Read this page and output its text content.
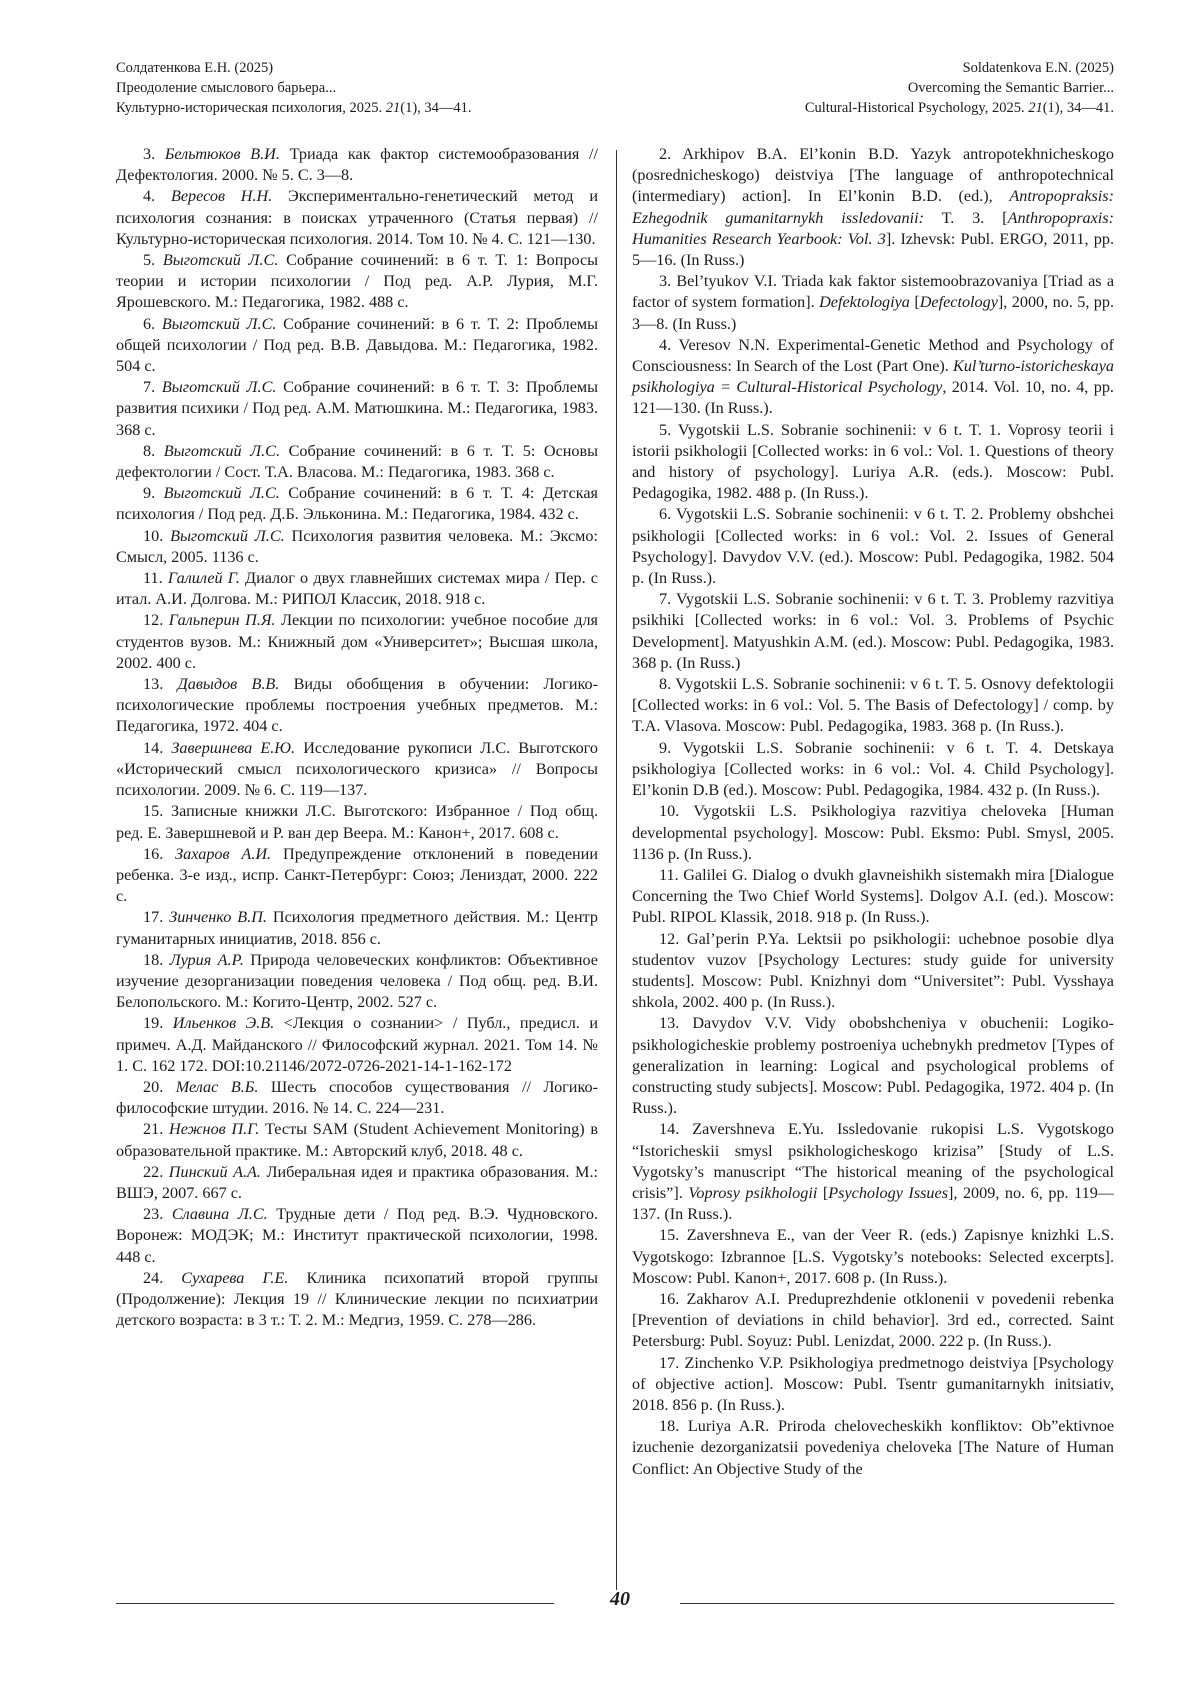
Солдатенкова Е.Н. (2025)
Преодоление смыслового барьера...
Культурно-историческая психология, 2025. 21(1), 34—41.
Soldatenkova E.N. (2025)
Overcoming the Semantic Barrier...
Cultural-Historical Psychology, 2025. 21(1), 34—41.

3. Бельтюков В.И. Триада как фактор системообразования // Дефектология. 2000. № 5. С. 3—8.

4. Вересов Н.Н. Экспериментально-генетический метод и психология сознания: в поисках утраченного (Статья первая) // Культурно-историческая психология. 2014. Том 10. № 4. С. 121—130.

5. Выготский Л.С. Собрание сочинений: в 6 т. Т. 1: Вопросы теории и истории психологии / Под ред. А.Р. Лурия, М.Г. Ярошевского. М.: Педагогика, 1982. 488 с.

6. Выготский Л.С. Собрание сочинений: в 6 т. Т. 2: Проблемы общей психологии / Под ред. В.В. Давыдова. М.: Педагогика, 1982. 504 с.

7. Выготский Л.С. Собрание сочинений: в 6 т. Т. 3: Проблемы развития психики / Под ред. А.М. Матюшкина. М.: Педагогика, 1983. 368 с.

8. Выготский Л.С. Собрание сочинений: в 6 т. Т. 5: Основы дефектологии / Сост. Т.А. Власова. М.: Педагогика, 1983. 368 с.

9. Выготский Л.С. Собрание сочинений: в 6 т. Т. 4: Детская психология / Под ред. Д.Б. Эльконина. М.: Педагогика, 1984. 432 с.

10. Выготский Л.С. Психология развития человека. М.: Эксмо: Смысл, 2005. 1136 с.

11. Галилей Г. Диалог о двух главнейших системах мира / Пер. с итал. А.И. Долгова. М.: РИПОЛ Классик, 2018. 918 с.

12. Гальперин П.Я. Лекции по психологии: учебное пособие для студентов вузов. М.: Книжный дом «Университет»; Высшая школа, 2002. 400 с.

13. Давыдов В.В. Виды обобщения в обучении: Логико-психологические проблемы построения учебных предметов. М.: Педагогика, 1972. 404 с.

14. Завершнева Е.Ю. Исследование рукописи Л.С. Выготского «Исторический смысл психологического кризиса» // Вопросы психологии. 2009. № 6. С. 119—137.

15. Записные книжки Л.С. Выготского: Избранное / Под общ. ред. Е. Завершневой и Р. ван дер Веера. М.: Канон+, 2017. 608 с.

16. Захаров А.И. Предупреждение отклонений в поведении ребенка. 3-е изд., испр. Санкт-Петербург: Союз; Лениздат, 2000. 222 с.

17. Зинченко В.П. Психология предметного действия. М.: Центр гуманитарных инициатив, 2018. 856 с.

18. Лурия А.Р. Природа человеческих конфликтов: Объективное изучение дезорганизации поведения человека / Под общ. ред. В.И. Белопольского. М.: Когито-Центр, 2002. 527 с.

19. Ильенков Э.В. <Лекция о сознании> / Публ., предисл. и примеч. А.Д. Майданского // Философский журнал. 2021. Том 14. № 1. С. 162 172. DOI:10.21146/2072-0726-2021-14-1-162-172

20. Мелас В.Б. Шесть способов существования // Логико-философские штудии. 2016. № 14. С. 224—231.

21. Нежнов П.Г. Тесты SAM (Student Achievement Monitoring) в образовательной практике. М.: Авторский клуб, 2018. 48 с.

22. Пинский А.А. Либеральная идея и практика образования. М.: ВШЭ, 2007. 667 с.

23. Славина Л.С. Трудные дети / Под ред. В.Э. Чудновского. Воронеж: МОДЭК; М.: Институт практической психологии, 1998. 448 с.

24. Сухарева Г.Е. Клиника психопатий второй группы (Продолжение): Лекция 19 // Клинические лекции по психиатрии детского возраста: в 3 т.: Т. 2. М.: Медгиз, 1959. С. 278—286.

2. Arkhipov B.A. El’konin B.D. Yazyk antropotekhnicheskogo (posrednicheskogo) deistviya [The language of anthropotechnical (intermediary) action]. In El’konin B.D. (ed.), Antropopraksis: Ezhegodnik gumanitarnykh issledovanii: T. 3. [Anthropopraxis: Humanities Research Yearbook: Vol. 3]. Izhevsk: Publ. ERGO, 2011, pp. 5—16. (In Russ.)

3. Bel’tyukov V.I. Triada kak faktor sistemoobrazovaniya [Triad as a factor of system formation]. Defektologiya [Defectology], 2000, no. 5, pp. 3—8. (In Russ.)

4. Veresov N.N. Experimental-Genetic Method and Psychology of Consciousness: In Search of the Lost (Part One). Kul’turno-istoricheskaya psikhologiya = Cultural-Historical Psychology, 2014. Vol. 10, no. 4, pp. 121—130. (In Russ.).

5. Vygotskii L.S. Sobranie sochinenii: v 6 t. T. 1. Voprosy teorii i istorii psikhologii [Collected works: in 6 vol.: Vol. 1. Questions of theory and history of psychology]. Luriya A.R. (eds.). Moscow: Publ. Pedagogika, 1982. 488 p. (In Russ.).

6. Vygotskii L.S. Sobranie sochinenii: v 6 t. T. 2. Problemy obshchei psikhologii [Collected works: in 6 vol.: Vol. 2. Issues of General Psychology]. Davydov V.V. (ed.). Moscow: Publ. Pedagogika, 1982. 504 p. (In Russ.).

7. Vygotskii L.S. Sobranie sochinenii: v 6 t. T. 3. Problemy razvitiya psikhiki [Collected works: in 6 vol.: Vol. 3. Problems of Psychic Development]. Matyushkin A.M. (ed.). Moscow: Publ. Pedagogika, 1983. 368 p. (In Russ.)

8. Vygotskii L.S. Sobranie sochinenii: v 6 t. T. 5. Osnovy defektologii [Collected works: in 6 vol.: Vol. 5. The Basis of Defectology] / comp. by T.A. Vlasova. Moscow: Publ. Pedagogika, 1983. 368 p. (In Russ.).

9. Vygotskii L.S. Sobranie sochinenii: v 6 t. T. 4. Detskaya psikhologiya [Collected works: in 6 vol.: Vol. 4. Child Psychology]. El’konin D.B (ed.). Moscow: Publ. Pedagogika, 1984. 432 p. (In Russ.).

10. Vygotskii L.S. Psikhologiya razvitiya cheloveka [Human developmental psychology]. Moscow: Publ. Eksmo: Publ. Smysl, 2005. 1136 p. (In Russ.).

11. Galilei G. Dialog o dvukh glavneishikh sistemakh mira [Dialogue Concerning the Two Chief World Systems]. Dolgov A.I. (ed.). Moscow: Publ. RIPOL Klassik, 2018. 918 p. (In Russ.).

12. Gal’perin P.Ya. Lektsii po psikhologii: uchebnoe posobie dlya studentov vuzov [Psychology Lectures: study guide for university students]. Moscow: Publ. Knizhnyi dom “Universitet”: Publ. Vysshaya shkola, 2002. 400 p. (In Russ.).

13. Davydov V.V. Vidy obobshcheniya v obuchenii: Logiko-psikhologicheskie problemy postroeniya uchebnykh predmetov [Types of generalization in learning: Logical and psychological problems of constructing study subjects]. Moscow: Publ. Pedagogika, 1972. 404 p. (In Russ.).

14. Zavershneva E.Yu. Issledovanie rukopisi L.S. Vygotskogo “Istoricheskii smysl psikhologicheskogo krizisa” [Study of L.S. Vygotsky’s manuscript “The historical meaning of the psychological crisis”]. Voprosy psikhologii [Psychology Issues], 2009, no. 6, pp. 119—137. (In Russ.).

15. Zavershneva E., van der Veer R. (eds.) Zapisnye knizhki L.S. Vygotskogo: Izbrannoe [L.S. Vygotsky’s notebooks: Selected excerpts]. Moscow: Publ. Kanon+, 2017. 608 p. (In Russ.).

16. Zakharov A.I. Preduprezhdenie otklonenii v povedenii rebenka [Prevention of deviations in child behavior]. 3rd ed., corrected. Saint Petersburg: Publ. Soyuz: Publ. Lenizdat, 2000. 222 p. (In Russ.).

17. Zinchenko V.P. Psikhologiya predmetnogo deistviya [Psychology of objective action]. Moscow: Publ. Tsentr gumanitarnykh initsiativ, 2018. 856 p. (In Russ.).

18. Luriya A.R. Priroda chelovecheskikh konfliktov: Ob”ektivnoe izuchenie dezorganizatsii povedeniya cheloveka [The Nature of Human Conflict: An Objective Study of the

40
